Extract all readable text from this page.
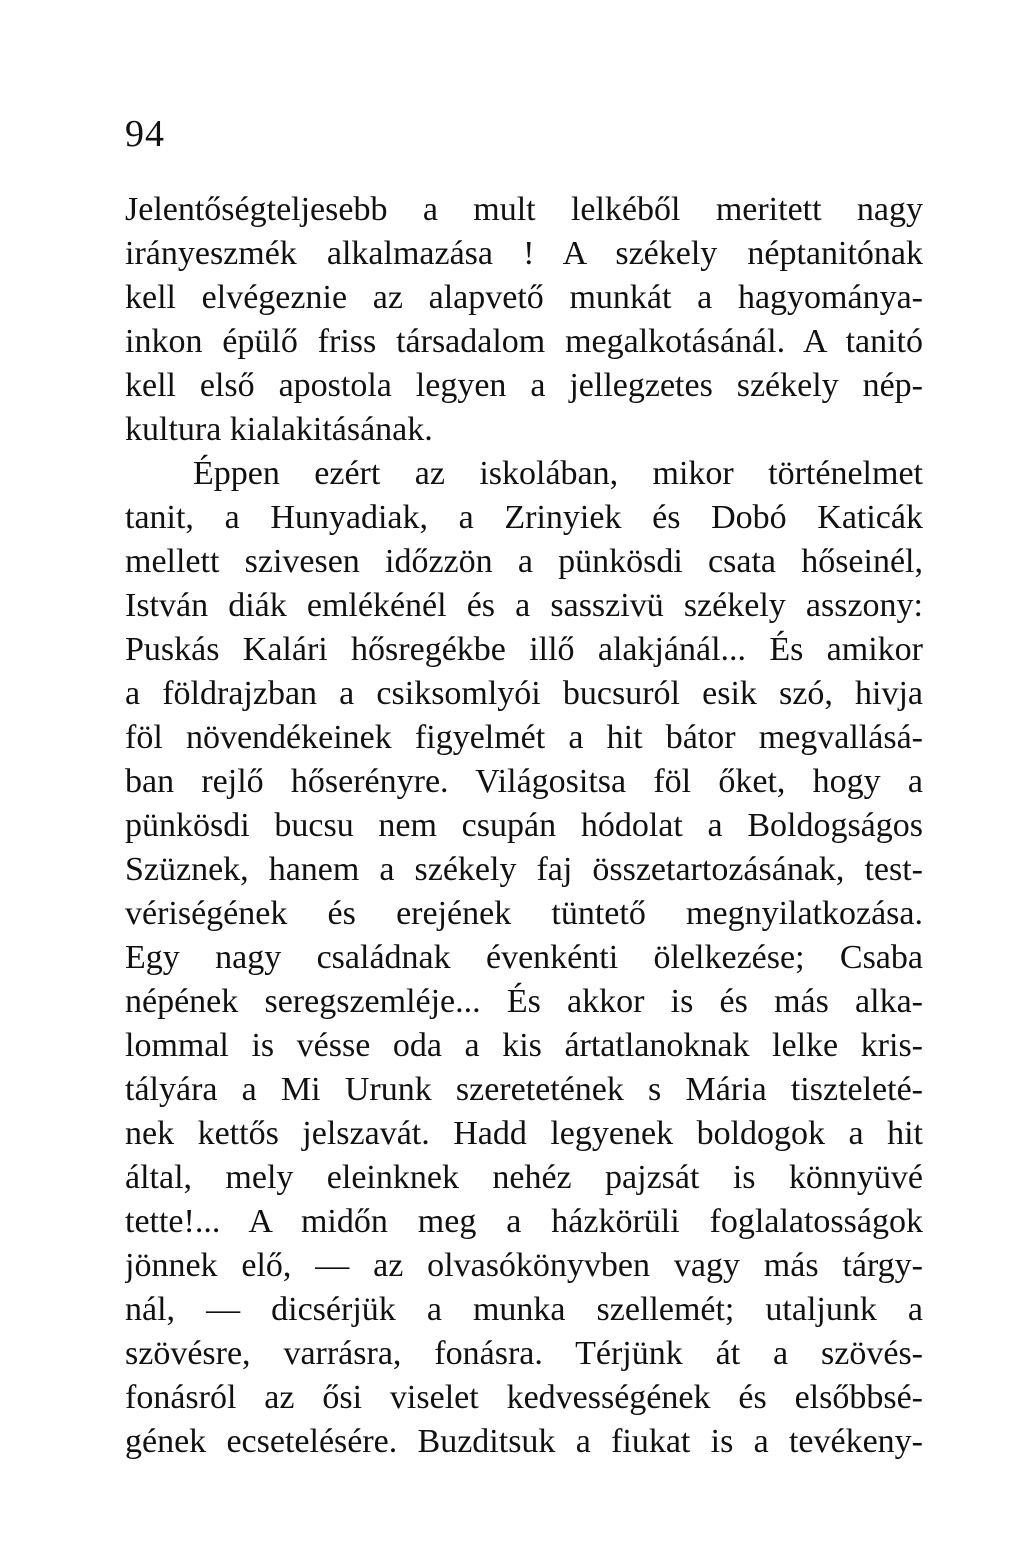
94
Jelentőségteljesebb a mult lelkéből meritett nagy
irányeszmék alkalmazása ! A székely néptanitónak
kell elvégeznie az alapvető munkát a hagyománya-
inkon épülő friss társadalom megalkotásánál. A tanitó
kell első apostola legyen a jellegzetes székely nép-
kultura kialakitásának.
Éppen ezért az iskolában, mikor történelmet
tanit, a Hunyadiak, a Zrinyiek és Dobó Katicák
mellett szivesen időzzön a pünkösdi csata hőseinél,
István diák emlékénél és a sasszivü székely asszony:
Puskás Kalári hősregékbe illő alakjánál... És amikor
a földrajzban a csiksomlyói bucsuról esik szó, hivja
föl növendékeinek figyelmét a hit bátor megvallásá-
ban rejlő hőserényre. Világositsa föl őket, hogy a
pünkösdi bucsu nem csupán hódolat a Boldogságos
Szüznek, hanem a székely faj összetartozásának, test-
vériségének és erejének tüntető megnyilatkozása.
Egy nagy családnak évenkénti ölelkezése; Csaba
népének seregszemléje... És akkor is és más alka-
lommal is vésse oda a kis ártatlanoknak lelke kris-
tályára a Mi Urunk szeretetének s Mária tiszteleté-
nek kettős jelszavát. Hadd legyenek boldogok a hit
által, mely eleinknek nehéz pajzsát is könnyüvé
tette!... A midőn meg a házkörüli foglalatosságok
jönnek elő, — az olvasókönyvben vagy más tárgy-
nál, — dicsérjük a munka szellemét; utaljunk a
szövésre, varrásra, fonásra. Térjünk át a szövés-
fonásról az ősi viselet kedvességének és elsőbbsé-
gének ecsetelésére. Buzditsuk a fiukat is a tevékeny-
